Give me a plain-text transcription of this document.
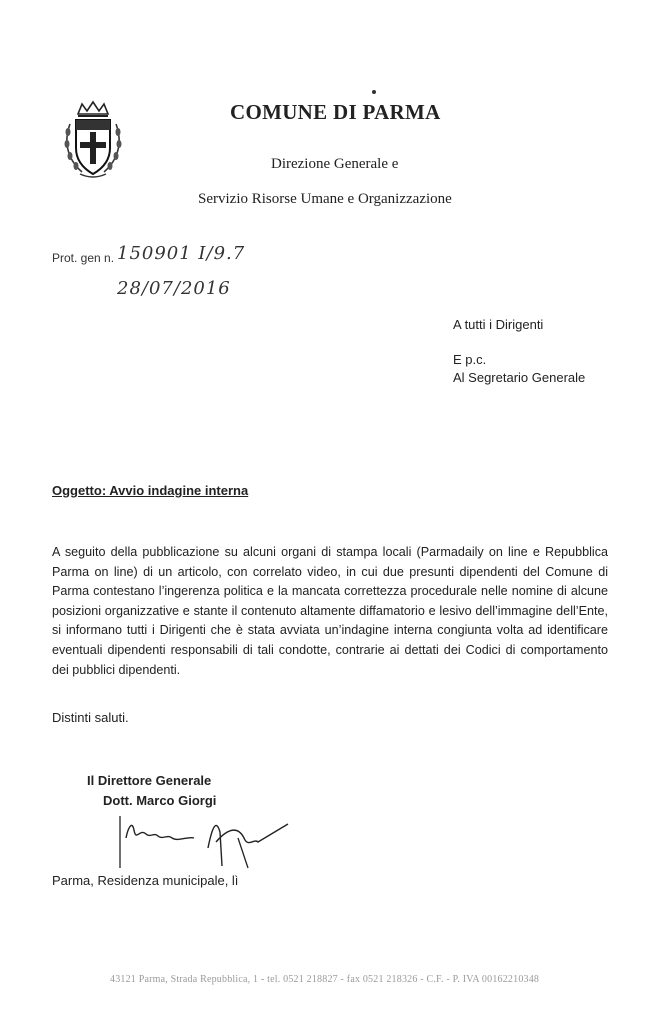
COMUNE DI PARMA
Direzione Generale e
Servizio Risorse Umane e Organizzazione
Prot. gen n. 150901 I/9.7
28/07/2016
A tutti i Dirigenti
E p.c.
Al Segretario Generale
Oggetto: Avvio indagine interna
A seguito della pubblicazione su alcuni organi di stampa locali (Parmadaily on line e Repubblica Parma on line) di un articolo, con correlato video, in cui due presunti dipendenti del Comune di Parma contestano l’ingerenza politica e la mancata correttezza procedurale nelle nomine di alcune posizioni organizzative e stante il contenuto altamente diffamatorio e lesivo dell’immagine dell’Ente, si informano tutti i Dirigenti che è stata avviata un’indagine interna congiunta volta ad identificare eventuali dipendenti responsabili di tali condotte, contrarie ai dettati dei Codici di comportamento dei pubblici dipendenti.
Distinti saluti.
Il Direttore Generale
Dott. Marco Giorgi
Parma, Residenza municipale, lì
43121 Parma, Strada Repubblica, 1 - tel. 0521 218827 - fax 0521 218326 - C.F. - P. IVA 00162210348
